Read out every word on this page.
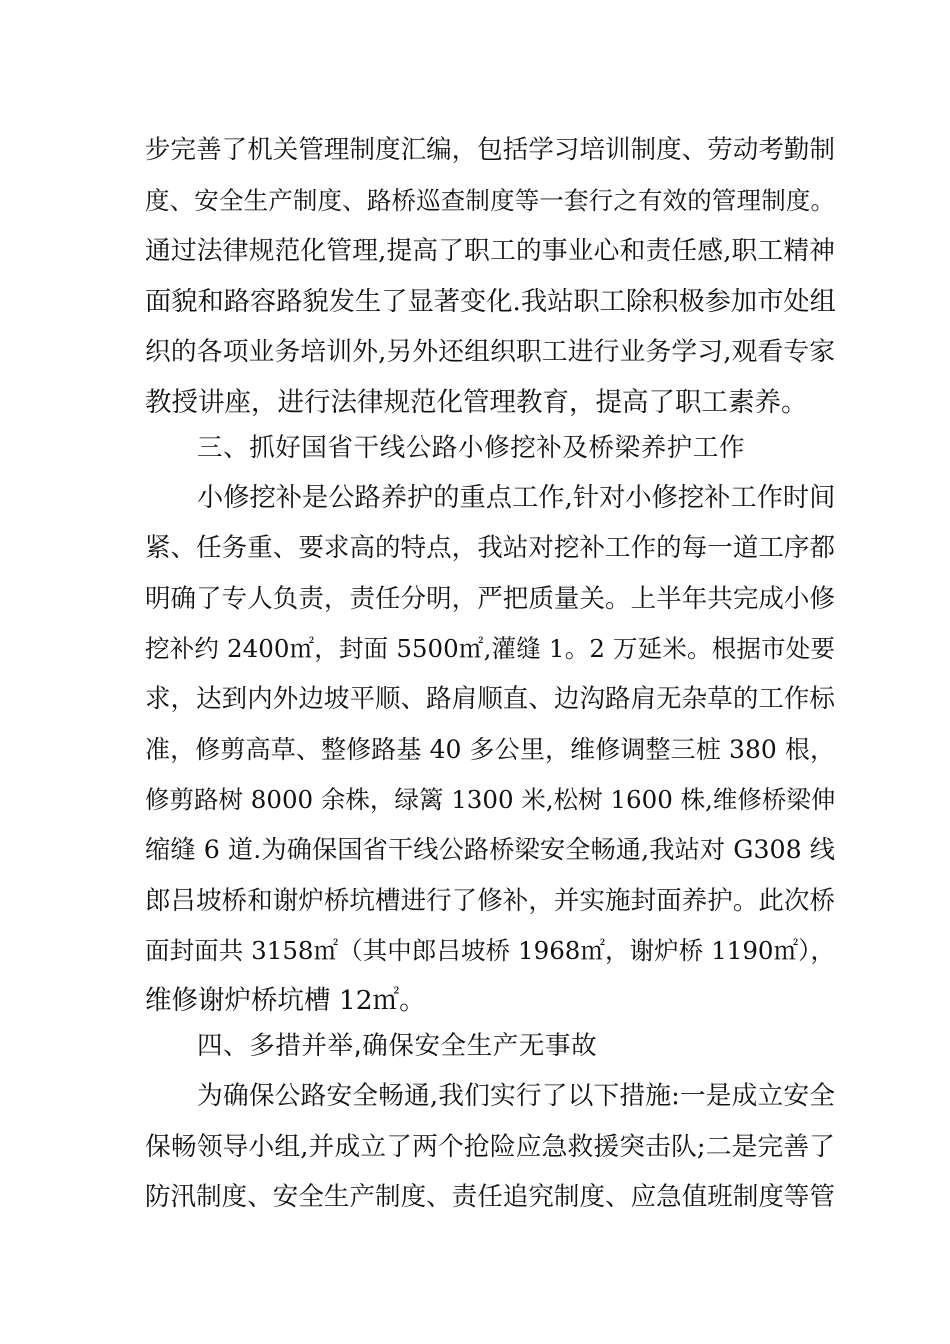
步完善了机关管理制度汇编，包括学习培训制度、劳动考勤制
度、安全生产制度、路桥巡查制度等一套行之有效的管理制度。
通过法律规范化管理,提高了职工的事业心和责任感,职工精神
面貌和路容路貌发生了显著变化.我站职工除积极参加市处组
织的各项业务培训外,另外还组织职工进行业务学习,观看专家
教授讲座，进行法律规范化管理教育，提高了职工素养。
三、抓好国省干线公路小修挖补及桥梁养护工作
小修挖补是公路养护的重点工作,针对小修挖补工作时间
紧、任务重、要求高的特点，我站对挖补工作的每一道工序都
明确了专人负责，责任分明，严把质量关。上半年共完成小修
挖补约 2400㎡，封面 5500㎡,灌缝 1。2 万延米。根据市处要
求，达到内外边坡平顺、路肩顺直、边沟路肩无杂草的工作标
准，修剪高草、整修路基 40 多公里，维修调整三桩 380 根，
修剪路树 8000 余株，绿篱 1300 米,松树 1600 株,维修桥梁伸
缩缝 6 道.为确保国省干线公路桥梁安全畅通,我站对 G308 线
郎吕坡桥和谢炉桥坑槽进行了修补，并实施封面养护。此次桥
面封面共 3158㎡（其中郎吕坡桥 1968㎡，谢炉桥 1190㎡），
维修谢炉桥坑槽 12㎡。
四、多措并举,确保安全生产无事故
为确保公路安全畅通,我们实行了以下措施:一是成立安全
保畅领导小组,并成立了两个抢险应急救援突击队;二是完善了
防汛制度、安全生产制度、责任追究制度、应急值班制度等管
